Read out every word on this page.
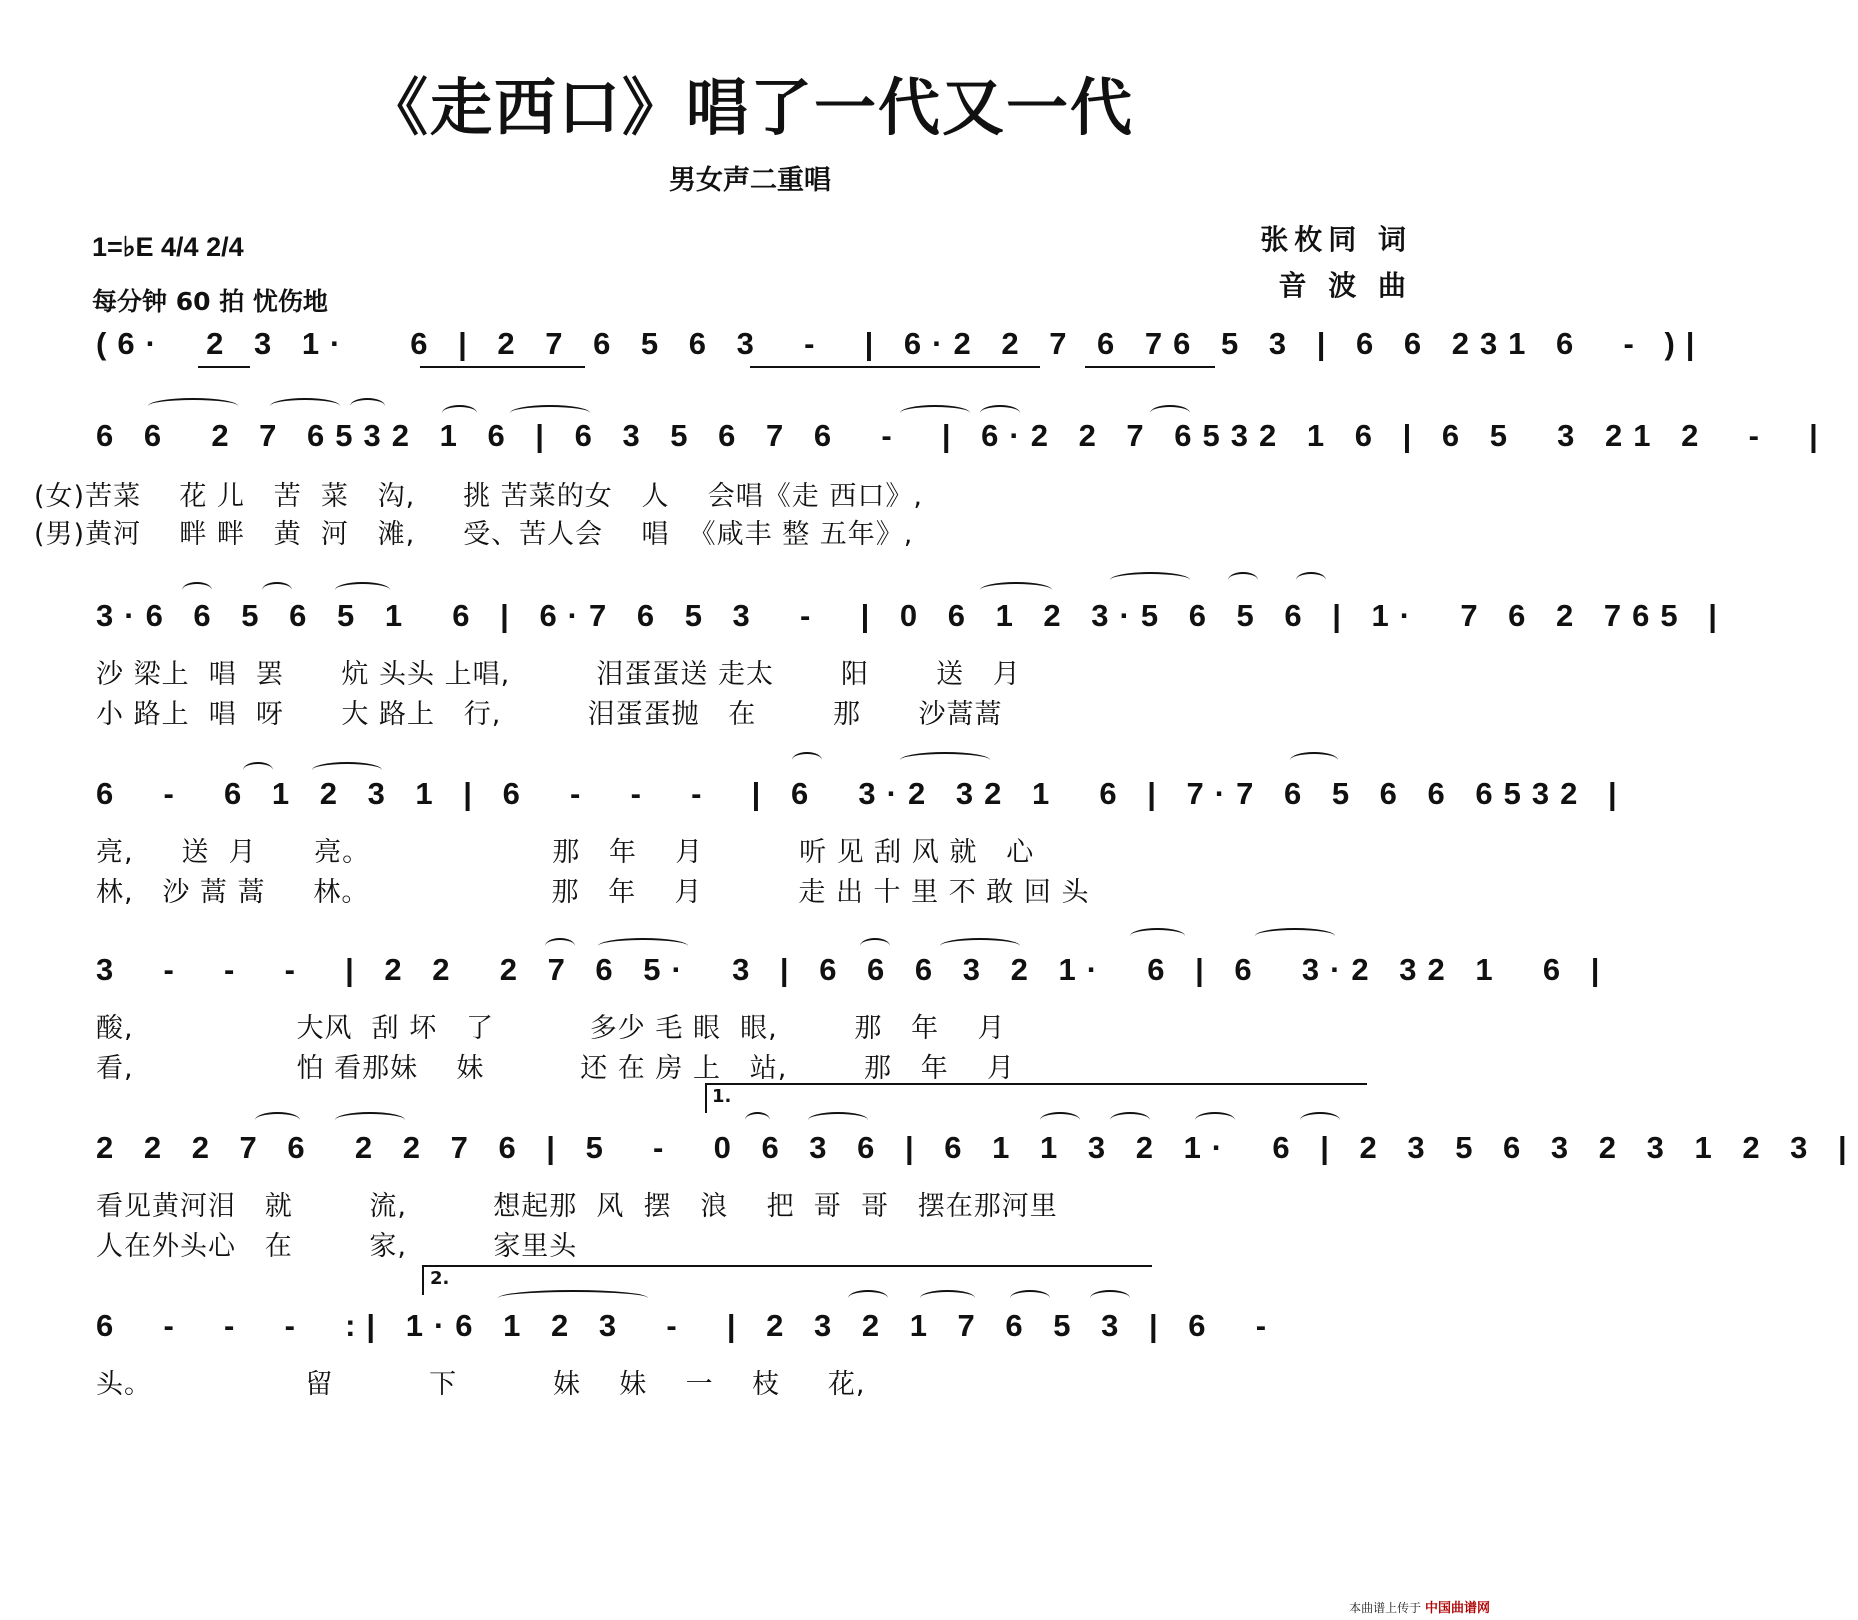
《走西口》唱了一代又一代
男女声二重唱
1=♭E 4/4 2/4
每分钟 60 拍 忧伤地
张枚同 词
音 波 曲
(6·  2 3 1·   6 | 2 7 6 5 6 3  -  | 6·2 2 7 6 76 5 3 | 6 6 231 6  - )|
6 6  2 7 6532 1 6 | 6 3 5 6 7 6  -  | 6·2 2 7 6532 1 6 | 6 5  3 21 2  -  |
(女)苦菜    花 儿   苦  菜   沟,     挑 苦菜的女   人    会唱《走 西口》,
(男)黄河    畔 畔   黄  河   滩,     受、苦人会    唱  《咸丰 整 五年》,
3·6 6 5 6 5 1  6 | 6·7 6 5 3  -  | 0 6 1 2 3·5 6 5 6 | 1·  7 6 2 765 |
沙 梁上  唱  罢      炕 头头 上唱,         泪蛋蛋送 走太       阳       送   月
小 路上  唱  呀      大 路上   行,         泪蛋蛋抛   在        那      沙蒿蒿
6  -  6 1 2 3 1 | 6  -  -  -  | 6  3·2 32 1  6 | 7·7 6 5 6 6 6532 |
亮,     送  月      亮。                   那   年    月          听 见 刮 风 就   心
林,   沙 蒿 蒿     林。                   那   年    月          走 出 十 里 不 敢 回 头
3  -  -  -  | 2 2  2 7 6 5·  3 | 6 6 6 3 2 1·  6 | 6  3·2 32 1  6 |
酸,                 大风  刮 坏   了          多少 毛 眼  眼,        那   年    月
看,                 怕 看那妹    妹          还 在 房 上   站,        那   年    月
1.
2 2 2 7 6  2 2 7 6 | 5  -  0 6 3 6 | 6 1 1 3 2 1·  6 | 2 3 5 6 3 2 3 1 2 3 |
看见黄河泪   就        流,         想起那  风  摆   浪    把  哥  哥   摆在那河里
人在外头心   在        家,         家里头
2.
6  -  -  -  :| 1·6 1 2 3  -  | 2 3 2 1 7 6 5 3 | 6  -
头。                留          下          妹    妹    一    枝     花,
本曲谱上传于 中国曲谱网
